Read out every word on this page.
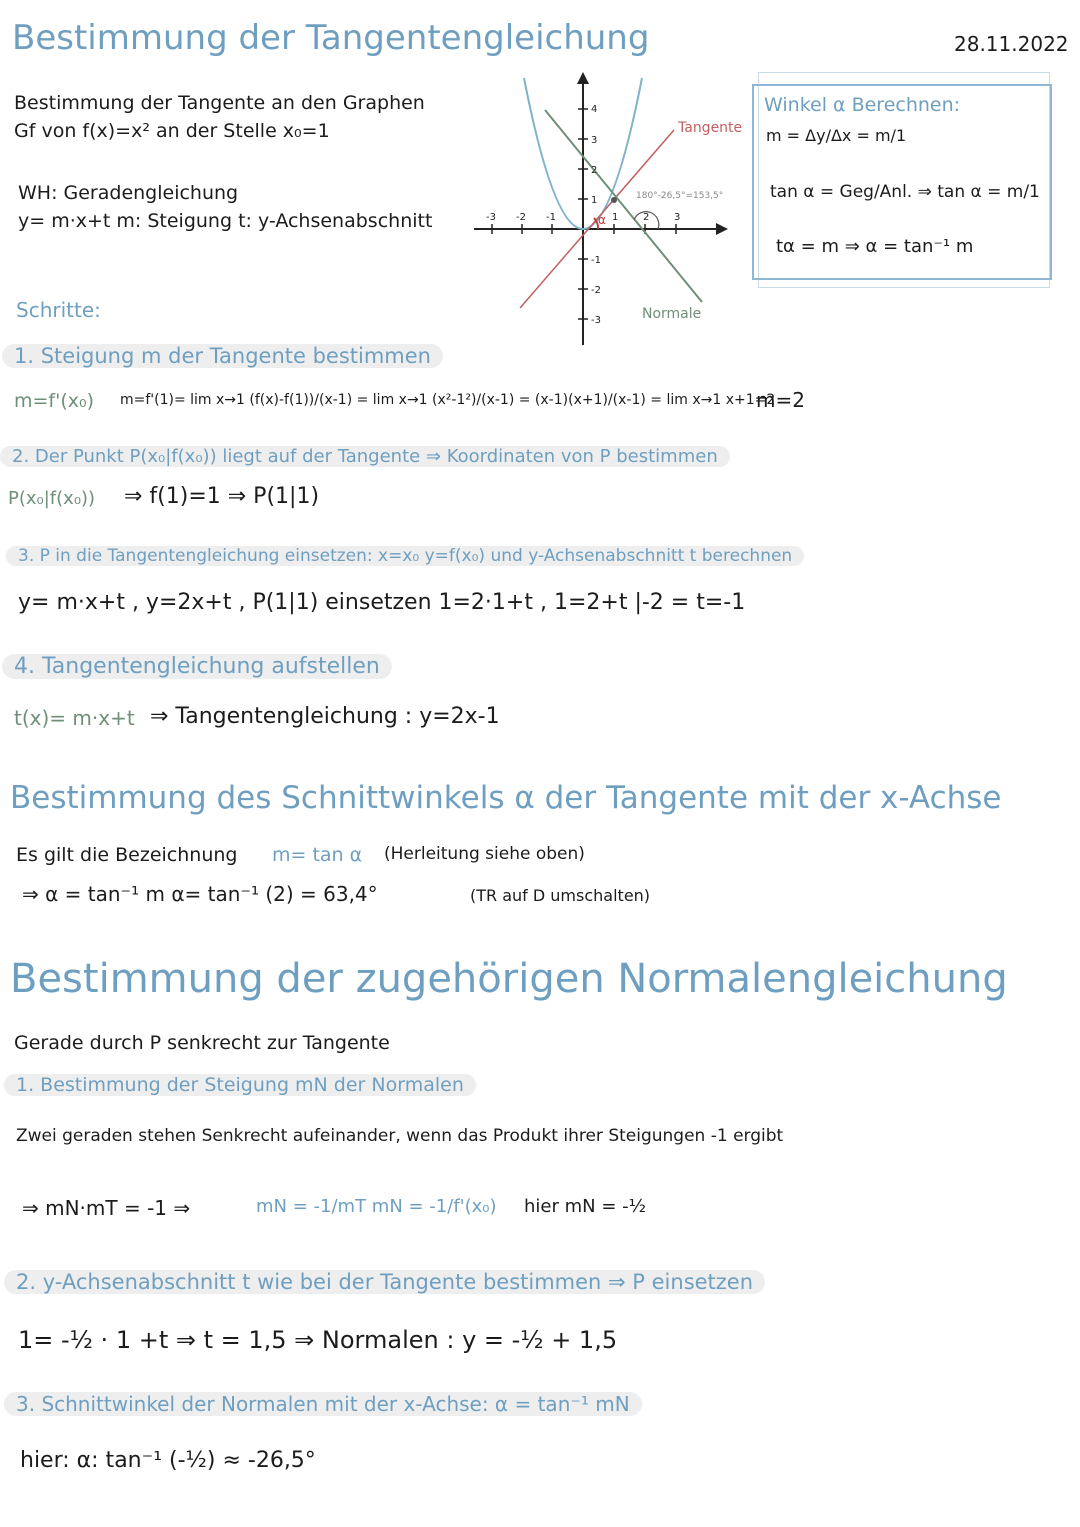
Bestimmung der Tangentengleichung	28.11.2022
Bestimmung der Tangente an den Graphen
Gf von f(x)=x² an der Stelle x₀=1
WH: Geradengleichung
y= m·x+t m: Steigung t: y-Achsenabschnitt	-3 -2 -1	1 2 3
4
3
2
1
-1
-2
-3
α
180°-26,5°=153,5°
Tangente
Normale
Winkel α Berechnen:
m = Δy/Δx = m/1
tan α = Geg/Anl. ⇒ tan α = m/1
tα = m ⇒ α = tan⁻¹ m
Schritte:
1. Steigung m der Tangente bestimmen
m=f'(x₀) m=f'(1)= lim x→1 (f(x)-f(1))/(x-1) = lim x→1 (x²-1²)/(x-1) = (x-1)(x+1)/(x-1) = lim x→1 x+1=2
m=2
2. Der Punkt P(x₀|f(x₀)) liegt auf der Tangente ⇒ Koordinaten von P bestimmen
P(x₀|f(x₀)) ⇒ f(1)=1 ⇒ P(1|1)
3. P in die Tangentengleichung einsetzen: x=x₀ y=f(x₀) und y-Achsenabschnitt t berechnen
y= m·x+t , y=2x+t , P(1|1) einsetzen 1=2·1+t , 1=2+t |-2 = t=-1
4. Tangentengleichung aufstellen
t(x)= m·x+t ⇒ Tangentengleichung : y=2x-1
Bestimmung des Schnittwinkels α der Tangente mit der x-Achse
Es gilt die Bezeichnung m= tan α (Herleitung siehe oben)
⇒ α = tan⁻¹ m α= tan⁻¹ (2) = 63,4°	(TR auf D umschalten)
Bestimmung der zugehörigen Normalengleichung
Gerade durch P senkrecht zur Tangente
1. Bestimmung der Steigung mN der Normalen
Zwei geraden stehen Senkrecht aufeinander, wenn das Produkt ihrer Steigungen -1 ergibt
⇒ mN·mT = -1 ⇒	mN = -1/mT mN = -1/f'(x₀) hier mN = -½
2. y-Achsenabschnitt t wie bei der Tangente bestimmen ⇒ P einsetzen
1= -½ · 1 +t ⇒ t = 1,5 ⇒ Normalen : y = -½ + 1,5
3. Schnittwinkel der Normalen mit der x-Achse: α = tan⁻¹ mN
hier: α: tan⁻¹ (-½) ≈ -26,5°
